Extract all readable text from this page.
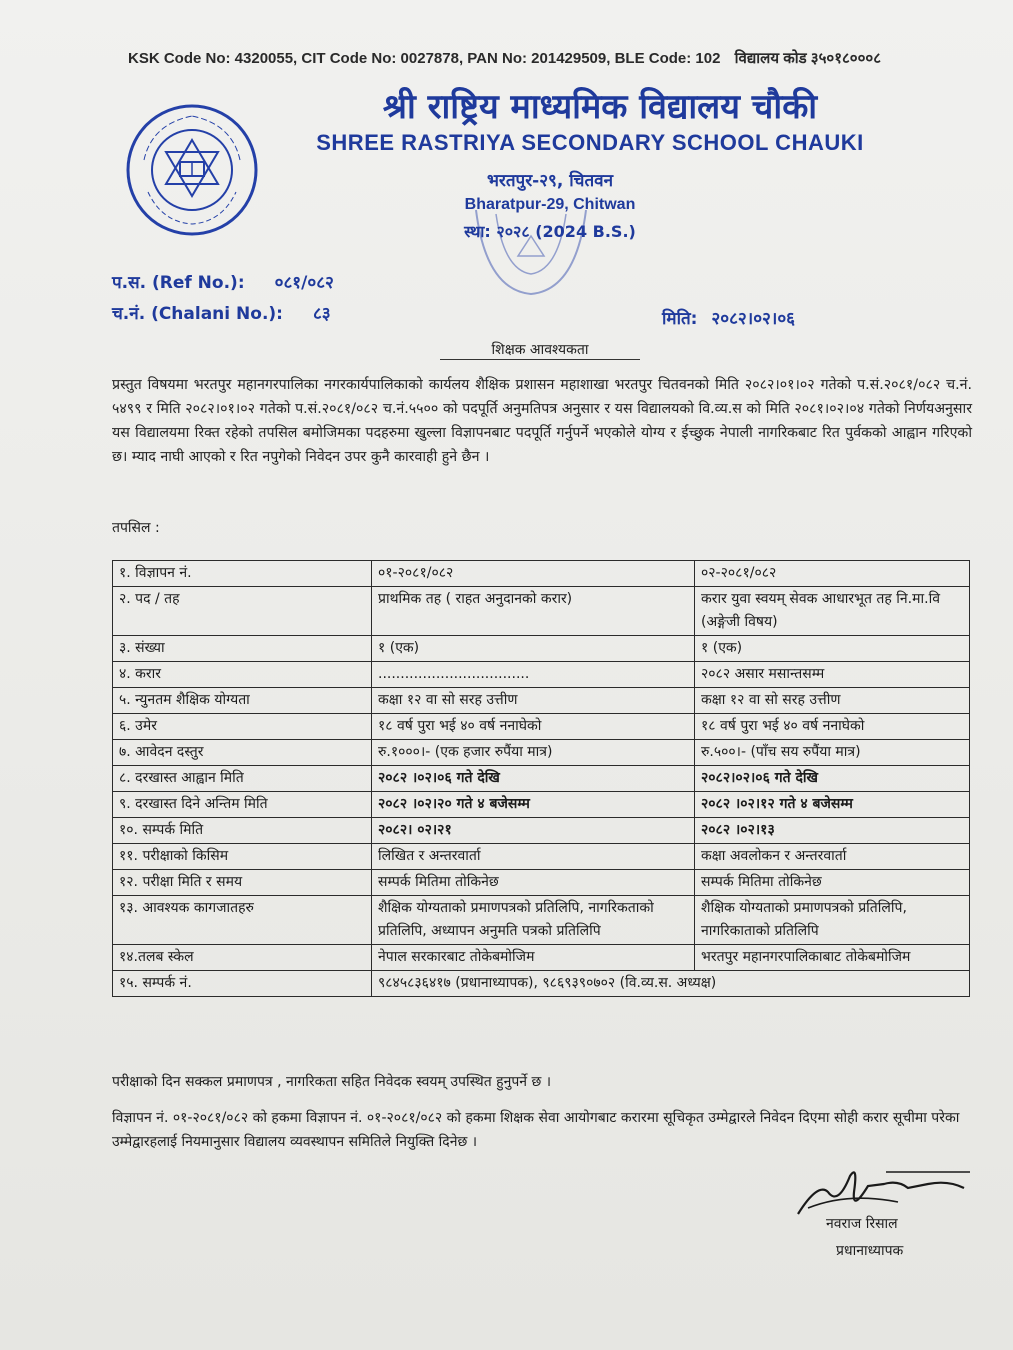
KSK Code No: 4320055, CIT Code No: 0027878, PAN No: 201429509, BLE Code: 102 विद्यालय कोड ३५०१८०००८
श्री राष्ट्रिय माध्यमिक विद्यालय चौकी
SHREE RASTRIYA SECONDARY SCHOOL CHAUKI
भरतपुर-२९, चितवन
Bharatpur-29, Chitwan
स्था: २०२८ (2024 B.S.)
प.स. (Ref No.): ०८१/०८२
च.नं. (Chalani No.): ८३	मिति: २०८२।०२।०६
शिक्षक आवश्यकता
प्रस्तुत विषयमा भरतपुर महानगरपालिका नगरकार्यपालिकाको कार्यलय शैक्षिक प्रशासन महाशाखा भरतपुर चितवनको मिति २०८२।०१।०२ गतेको प.सं.२०८१/०८२ च.नं. ५४९९ र मिति २०८२।०१।०२ गतेको प.सं.२०८१/०८२ च.नं.५५०० को पदपूर्ति अनुमतिपत्र अनुसार र यस विद्यालयको वि.व्य.स को मिति २०८१।०२।०४ गतेको निर्णयअनुसार यस विद्यालयमा रिक्त रहेको तपसिल बमोजिमका पदहरुमा खुल्ला विज्ञापनबाट पदपूर्ति गर्नुपर्ने भएकोले योग्य र ईच्छुक नेपाली नागरिकबाट रित पुर्वकको आह्वान गरिएको छ। म्याद नाघी आएको र रित नपुगेको निवेदन उपर कुनै कारवाही हुने छैन ।
तपसिल :
१. विज्ञापन नं.	०१-२०८१/०८२	०२-२०८१/०८२
२. पद / तह	प्राथमिक तह ( राहत अनुदानको करार)	करार युवा स्वयम् सेवक आधारभूत तह नि.मा.वि (अङ्गेजी विषय)
३. संख्या	१ (एक)	१ (एक)
४. करार	..................................	२०८२ असार मसान्तसम्म
५. न्युनतम शैक्षिक योग्यता	कक्षा १२ वा सो सरह उत्तीण	कक्षा १२ वा सो सरह उत्तीण
६. उमेर	१८ वर्ष पुरा भई ४० वर्ष ननाघेको	१८ वर्ष पुरा भई ४० वर्ष ननाघेको
७. आवेदन दस्तुर	रु.१०००।- (एक हजार रुपैंया मात्र)	रु.५००।- (पाँच सय रुपैंया मात्र)
८. दरखास्त आह्वान मिति	२०८२ ।०२।०६ गते देखि	२०८२।०२।०६ गते देखि
९. दरखास्त दिने अन्तिम मिति	२०८२ ।०२।२० गते ४ बजेसम्म	२०८२ ।०२।१२ गते ४ बजेसम्म
१०. सम्पर्क मिति	२०८२। ०२।२१	२०८२ ।०२।१३
११. परीक्षाको किसिम	लिखित र अन्तरवार्ता	कक्षा अवलोकन र अन्तरवार्ता
१२. परीक्षा मिति र समय	सम्पर्क मितिमा तोकिनेछ	सम्पर्क मितिमा तोकिनेछ
१३. आवश्यक कागजातहरु	शैक्षिक योग्यताको प्रमाणपत्रको प्रतिलिपि, नागरिकताको प्रतिलिपि, अध्यापन अनुमति पत्रको प्रतिलिपि	शैक्षिक योग्यताको प्रमाणपत्रको प्रतिलिपि, नागरिकाताको प्रतिलिपि
१४.तलब स्केल	नेपाल सरकारबाट तोकेबमोजिम	भरतपुर महानगरपालिकाबाट तोकेबमोजिम
१५. सम्पर्क नं.	९८४५८३६४१७ (प्रधानाध्यापक), ९८६९३९०७०२ (वि.व्य.स. अध्यक्ष)	
परीक्षाको दिन सक्कल प्रमाणपत्र , नागरिकता सहित निवेदक स्वयम् उपस्थित हुनुपर्ने छ ।
विज्ञापन नं. ०१-२०८१/०८२ को हकमा विज्ञापन नं. ०१-२०८१/०८२ को हकमा शिक्षक सेवा आयोगबाट करारमा सूचिकृत उम्मेद्वारले निवेदन दिएमा सोही करार सूचीमा परेका उम्मेद्वारहलाई नियमानुसार विद्यालय व्यवस्थापन समितिले नियुक्ति दिनेछ ।
नवराज रिसाल
प्रधानाध्यापक
